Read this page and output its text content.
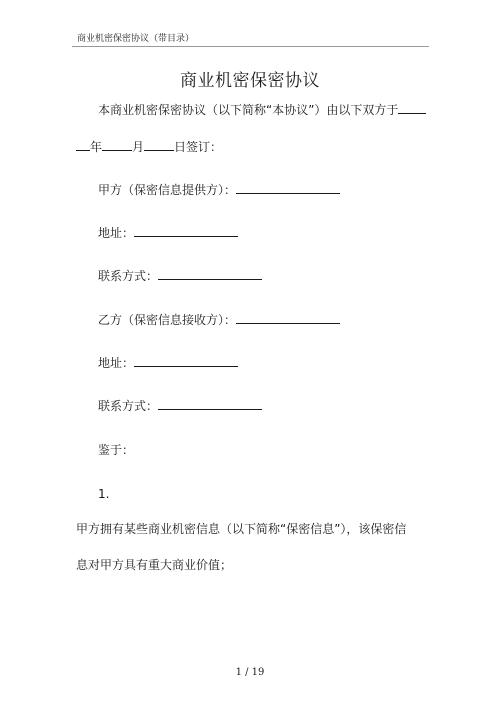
商业机密保密协议（带目录）
商业机密保密协议
本商业机密保密协议（以下简称“本协议”）由以下双方于
年	月	日签订：
甲方（保密信息提供方）：
地址：
联系方式：
乙方（保密信息接收方）：
地址：
联系方式：
鉴于：
1.
甲方拥有某些商业机密信息（以下简称“保密信息”），该保密信
息对甲方具有重大商业价值；
1 / 19
